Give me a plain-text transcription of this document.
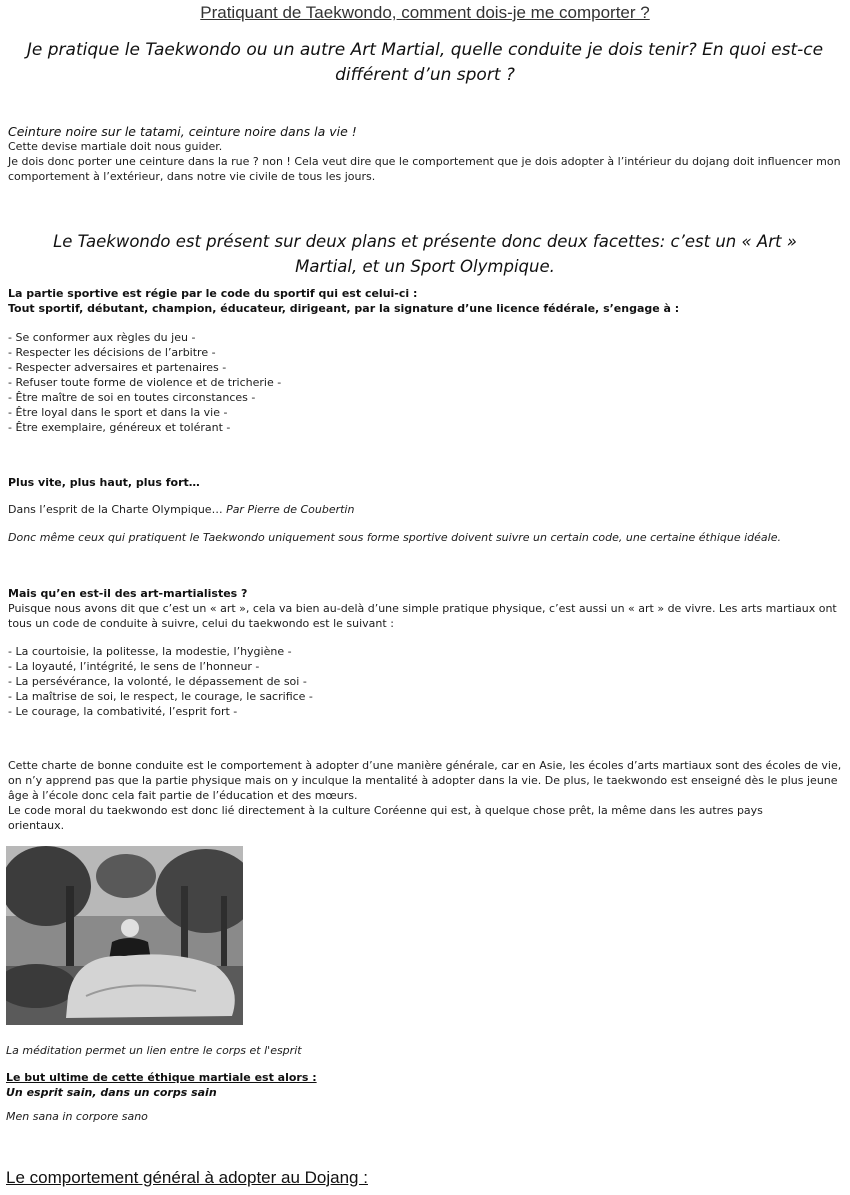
Pratiquant de Taekwondo, comment dois-je me comporter ?
Je pratique le Taekwondo ou un autre Art Martial, quelle conduite je dois tenir? En quoi est-ce différent d’un sport ?
Ceinture noire sur le tatami, ceinture noire dans la vie !
Cette devise martiale doit nous guider.
Je dois donc porter une ceinture dans la rue ? non ! Cela veut dire que le comportement que je dois adopter à l’intérieur du dojang doit influencer mon comportement à l’extérieur, dans notre vie civile de tous les jours.
Le Taekwondo est présent sur deux plans et présente donc deux facettes: c’est un « Art » Martial, et un Sport Olympique.
La partie sportive est régie par le code du sportif qui est celui-ci :
Tout sportif, débutant, champion, éducateur, dirigeant, par la signature d’une licence fédérale, s’engage à :
- Se conformer aux règles du jeu -
- Respecter les décisions de l’arbitre -
- Respecter adversaires et partenaires -
- Refuser toute forme de violence et de tricherie -
- Être maître de soi en toutes circonstances -
- Être loyal dans le sport et dans la vie -
- Être exemplaire, généreux et tolérant -
Plus vite, plus haut, plus fort…
Dans l’esprit de la Charte Olympique… Par Pierre de Coubertin
Donc même ceux qui pratiquent le Taekwondo uniquement sous forme sportive doivent suivre un certain code, une certaine éthique idéale.
Mais qu’en est-il des art-martialistes ?
Puisque nous avons dit que c’est un « art », cela va bien au-delà d’une simple pratique physique, c’est aussi un « art » de vivre. Les arts martiaux ont tous un code de conduite à suivre, celui du taekwondo est le suivant :
- La courtoisie, la politesse, la modestie, l’hygiène -
- La loyauté, l’intégrité, le sens de l’honneur -
- La persévérance, la volonté, le dépassement de soi -
- La maîtrise de soi, le respect, le courage, le sacrifice -
- Le courage, la combativité, l’esprit fort -
Cette charte de bonne conduite est le comportement à adopter d’une manière générale, car en Asie, les écoles d’arts martiaux sont des écoles de vie, on n’y apprend pas que la partie physique mais on y inculque la mentalité à adopter dans la vie. De plus, le taekwondo est enseigné dès le plus jeune âge à l’école donc cela fait partie de l’éducation et des mœurs.
Le code moral du taekwondo est donc lié directement à la culture Coréenne qui est, à quelque chose prêt, la même dans les autres pays orientaux.
La méditation permet un lien entre le corps et l'esprit
Le but ultime de cette éthique martiale est alors :
Un esprit sain, dans un corps sain
Men sana in corpore sano
Le comportement général à adopter au Dojang :
